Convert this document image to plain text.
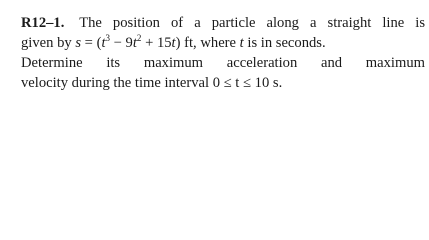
R12–1. The position of a particle along a straight line is
given by $s = (t^3 - 9t^2 + 15t)$ ft, where t is in seconds.
Determine its maximum acceleration and maximum
velocity during the time interval 0 ≤ t ≤ 10 s.
